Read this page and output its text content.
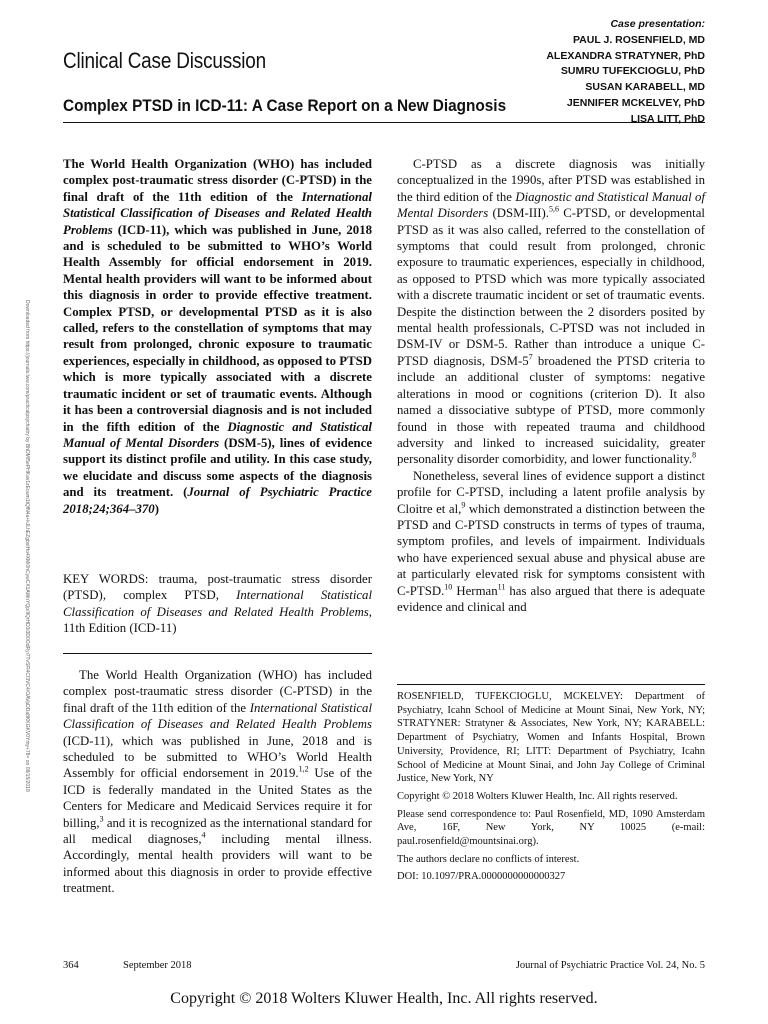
Clinical Case Discussion
Complex PTSD in ICD-11: A Case Report on a New Diagnosis
Case presentation:
PAUL J. ROSENFIELD, MD
ALEXANDRA STRATYNER, PhD
SUMRU TUFEKCIOGLU, PhD
SUSAN KARABELL, MD
JENNIFER MCKELVEY, PhD
LISA LITT, PhD
Downloaded from https://journals.lww.com/practicalpsychiatry by BhDMf5ePHKav1zEoum1tQfN4a+kJLhEZgbsIHo4XMi0hCywCX1AWnYQp/IlQrHD3i3D0OdRyi7TvSFl4Cf3VC4/OAVpDDa8KKGKV0Ymy+78= on 08/15/2018

The World Health Organization (WHO) has included complex post-traumatic stress disorder (C-PTSD) in the final draft of the 11th edition of the International Statistical Classification of Diseases and Related Health Problems (ICD-11), which was published in June, 2018 and is scheduled to be submitted to WHO’s World Health Assembly for official endorsement in 2019. Mental health providers will want to be informed about this diagnosis in order to provide effective treatment. Complex PTSD, or developmental PTSD as it is also called, refers to the constellation of symptoms that may result from prolonged, chronic exposure to traumatic experiences, especially in childhood, as opposed to PTSD which is more typically associated with a discrete traumatic incident or set of traumatic events. Although it has been a controversial diagnosis and is not included in the fifth edition of the Diagnostic and Statistical Manual of Mental Disorders (DSM-5), lines of evidence support its distinct profile and utility. In this case study, we elucidate and discuss some aspects of the diagnosis and its treatment. (Journal of Psychiatric Practice 2018;24;364–370)

KEY WORDS: trauma, post-traumatic stress disorder (PTSD), complex PTSD, International Statistical Classification of Diseases and Related Health Problems, 11th Edition (ICD-11)

The World Health Organization (WHO) has included complex post-traumatic stress disorder (C-PTSD) in the final draft of the 11th edition of the International Statistical Classification of Diseases and Related Health Problems (ICD-11), which was published in June, 2018 and is scheduled to be submitted to WHO’s World Health Assembly for official endorsement in 2019.$^{1,2}$ Use of the ICD is federally mandated in the United States as the Centers for Medicare and Medicaid Services require it for billing,$^3$ and it is recognized as the international standard for all medical diagnoses,$^4$ including mental illness. Accordingly, mental health providers will want to be informed about this diagnosis in order to provide effective treatment.

C-PTSD as a discrete diagnosis was initially conceptualized in the 1990s, after PTSD was established in the third edition of the Diagnostic and Statistical Manual of Mental Disorders (DSM-III).$^{5,6}$ C-PTSD, or developmental PTSD as it was also called, referred to the constellation of symptoms that could result from prolonged, chronic exposure to traumatic experiences, especially in childhood, as opposed to PTSD which was more typically associated with a discrete traumatic incident or set of traumatic events. Despite the distinction between the 2 disorders posited by mental health professionals, C-PTSD was not included in DSM-IV or DSM-5. Rather than introduce a unique C-PTSD diagnosis, DSM-$5^7$ broadened the PTSD criteria to include an additional cluster of symptoms: negative alterations in mood or cognitions (criterion D). It also named a dissociative subtype of PTSD, more commonly found in those with repeated trauma and childhood adversity and linked to increased suicidality, greater personality disorder comorbidity, and lower functionality.$^8$

Nonetheless, several lines of evidence support a distinct profile for C-PTSD, including a latent profile analysis by Cloitre et al,$^9$ which demonstrated a distinction between the PTSD and C-PTSD constructs in terms of types of trauma, symptom profiles, and levels of impairment. Individuals who have experienced sexual abuse and physical abuse are at particularly elevated risk for symptoms consistent with C-PTSD.$^{10}$ Herman$^{11}$ has also argued that there is adequate evidence and clinical and

ROSENFIELD, TUFEKCIOGLU, MCKELVEY: Department of Psychiatry, Icahn School of Medicine at Mount Sinai, New York, NY; STRATYNER: Stratyner & Associates, New York, NY; KARABELL: Department of Psychiatry, Women and Infants Hospital, Brown University, Providence, RI; LITT: Department of Psychiatry, Icahn School of Medicine at Mount Sinai, and John Jay College of Criminal Justice, New York, NY

Copyright © 2018 Wolters Kluwer Health, Inc. All rights reserved.

Please send correspondence to: Paul Rosenfield, MD, 1090 Amsterdam Ave, 16F, New York, NY 10025 (e-mail: paul.rosenfield@mountsinai.org).

The authors declare no conflicts of interest.

DOI: 10.1097/PRA.0000000000000327

364	September 2018	Journal of Psychiatric Practice Vol. 24, No. 5
Copyright © 2018 Wolters Kluwer Health, Inc. All rights reserved.
